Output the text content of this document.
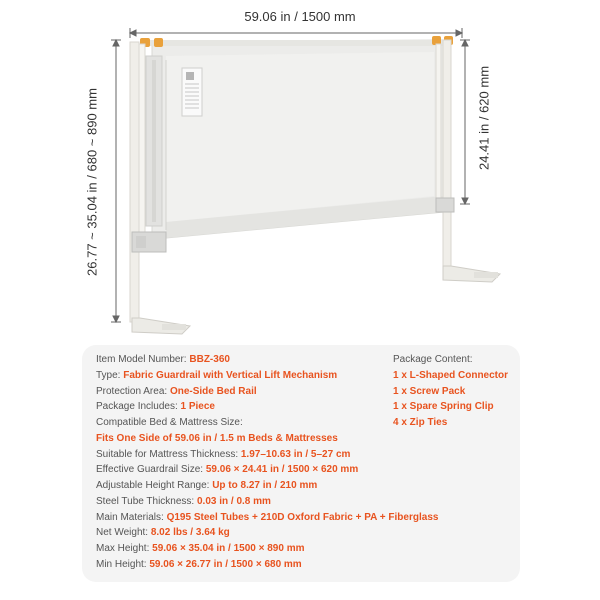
59.06 in / 1500 mm
26.77 ~ 35.04 in / 680 ~ 890 mm	24.41 in / 620 mm
Item Model Number: BBZ-360
Type: Fabric Guardrail with Vertical Lift Mechanism
Protection Area: One-Side Bed Rail
Package Includes: 1 Piece
Compatible Bed & Mattress Size:
Fits One Side of 59.06 in / 1.5 m Beds & Mattresses
Suitable for Mattress Thickness: 1.97–10.63 in / 5–27 cm
Effective Guardrail Size: 59.06 × 24.41 in / 1500 × 620 mm
Adjustable Height Range: Up to 8.27 in / 210 mm
Steel Tube Thickness: 0.03 in / 0.8 mm
Main Materials: Q195 Steel Tubes + 210D Oxford Fabric + PA + Fiberglass
Net Weight: 8.02 lbs / 3.64 kg
Max Height: 59.06 × 35.04 in / 1500 × 890 mm
Min Height: 59.06 × 26.77 in / 1500 × 680 mm
Package Content:
1 x L-Shaped Connector
1 x Screw Pack
1 x Spare Spring Clip
4 x Zip Ties
